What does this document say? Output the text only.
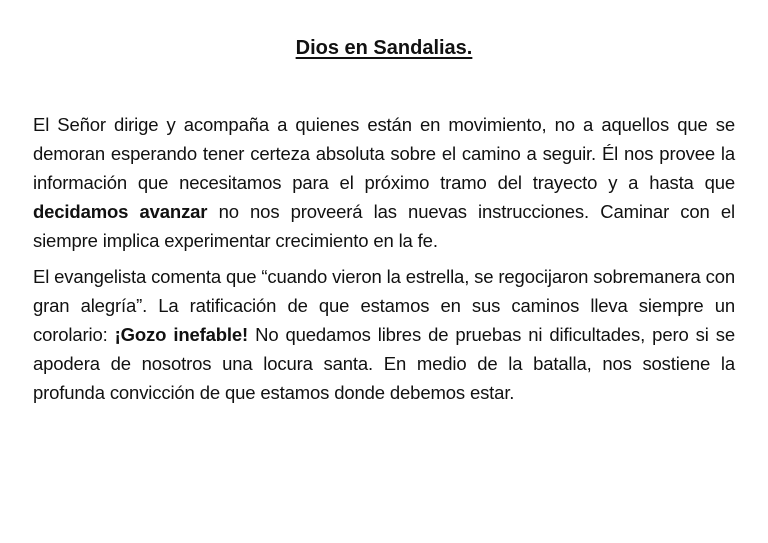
Dios en Sandalias.

El Señor dirige y acompaña a quienes están en movimiento, no a aquellos que se demoran esperando tener certeza absoluta sobre el camino a seguir. Él nos provee la información que necesitamos para el próximo tramo del trayecto y a hasta que decidamos avanzar no nos proveerá las nuevas instrucciones. Caminar con el siempre implica experimentar crecimiento en la fe.

El evangelista comenta que “cuando vieron la estrella, se regocijaron sobremanera con gran alegría”. La ratificación de que estamos en sus caminos lleva siempre un corolario: ¡Gozo inefable! No quedamos libres de pruebas ni dificultades, pero si se apodera de nosotros una locura santa. En medio de la batalla, nos sostiene la profunda convicción de que estamos donde debemos estar.
